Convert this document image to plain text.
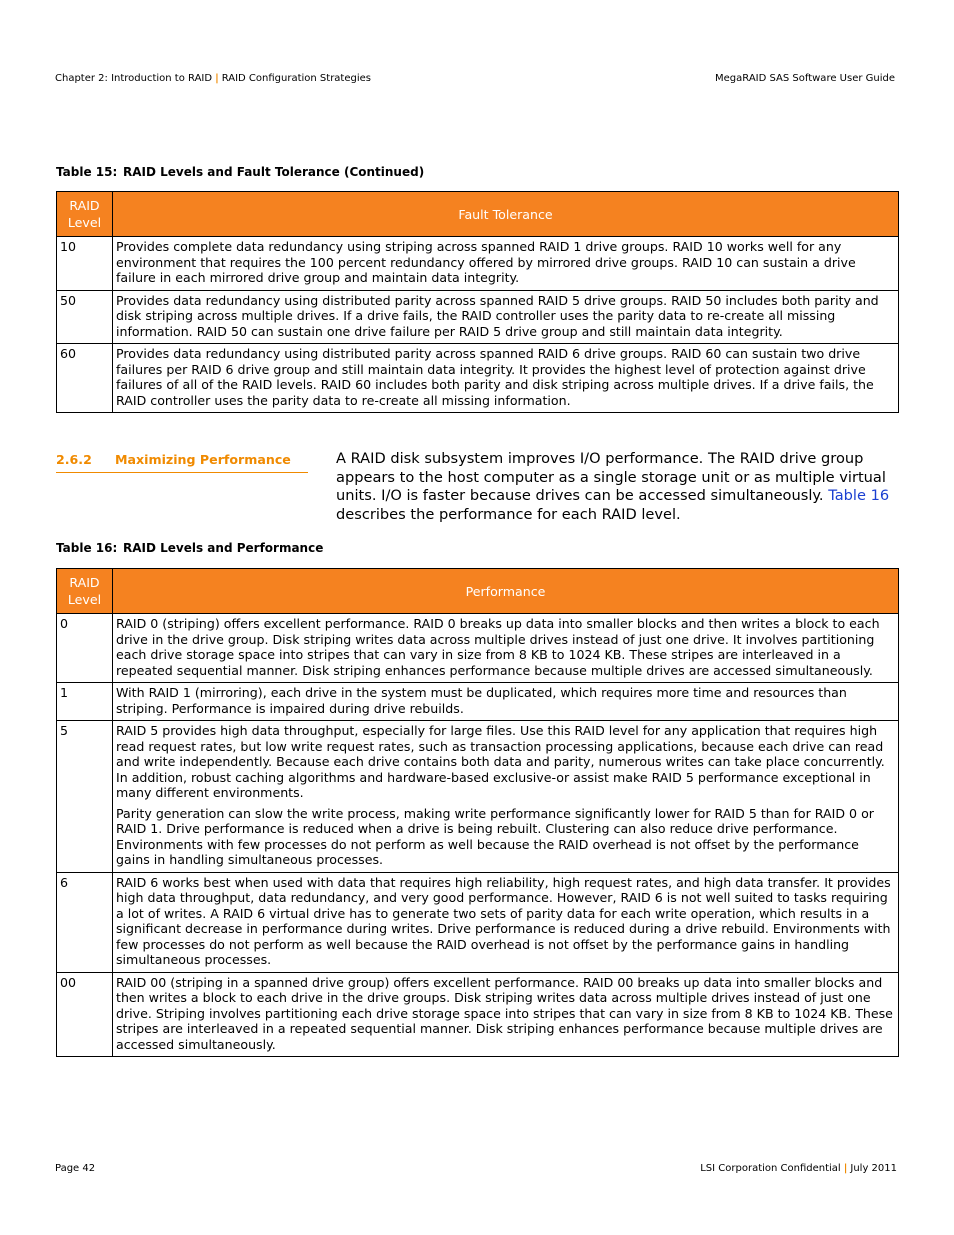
Chapter 2: Introduction to RAID | RAID Configuration Strategies	MegaRAID SAS Software User Guide
Table 15: RAID Levels and Fault Tolerance (Continued)
RAID Level	Fault Tolerance
10	Provides complete data redundancy using striping across spanned RAID 1 drive groups. RAID 10 works well for any environment that requires the 100 percent redundancy offered by mirrored drive groups. RAID 10 can sustain a drive failure in each mirrored drive group and maintain data integrity.
50	Provides data redundancy using distributed parity across spanned RAID 5 drive groups. RAID 50 includes both parity and disk striping across multiple drives. If a drive fails, the RAID controller uses the parity data to re-create all missing information. RAID 50 can sustain one drive failure per RAID 5 drive group and still maintain data integrity.
60	Provides data redundancy using distributed parity across spanned RAID 6 drive groups. RAID 60 can sustain two drive failures per RAID 6 drive group and still maintain data integrity. It provides the highest level of protection against drive failures of all of the RAID levels. RAID 60 includes both parity and disk striping across multiple drives. If a drive fails, the RAID controller uses the parity data to re-create all missing information.
2.6.2 Maximizing Performance	A RAID disk subsystem improves I/O performance. The RAID drive group appears to the host computer as a single storage unit or as multiple virtual units. I/O is faster because drives can be accessed simultaneously. Table 16 describes the performance for each RAID level.
Table 16: RAID Levels and Performance
RAID Level	Performance
0	RAID 0 (striping) offers excellent performance. RAID 0 breaks up data into smaller blocks and then writes a block to each drive in the drive group. Disk striping writes data across multiple drives instead of just one drive. It involves partitioning each drive storage space into stripes that can vary in size from 8 KB to 1024 KB. These stripes are interleaved in a repeated sequential manner. Disk striping enhances performance because multiple drives are accessed simultaneously.

1	With RAID 1 (mirroring), each drive in the system must be duplicated, which requires more time and resources than striping. Performance is impaired during drive rebuilds.

5	RAID 5 provides high data throughput, especially for large files. Use this RAID level for any application that requires high read request rates, but low write request rates, such as transaction processing applications, because each drive can read and write independently. Because each drive contains both data and parity, numerous writes can take place concurrently. In addition, robust caching algorithms and hardware-based exclusive-or assist make RAID 5 performance exceptional in many different environments.

Parity generation can slow the write process, making write performance significantly lower for RAID 5 than for RAID 0 or RAID 1. Drive performance is reduced when a drive is being rebuilt. Clustering can also reduce drive performance. Environments with few processes do not perform as well because the RAID overhead is not offset by the performance gains in handling simultaneous processes.

6	RAID 6 works best when used with data that requires high reliability, high request rates, and high data transfer. It provides high data throughput, data redundancy, and very good performance. However, RAID 6 is not well suited to tasks requiring a lot of writes. A RAID 6 virtual drive has to generate two sets of parity data for each write operation, which results in a significant decrease in performance during writes. Drive performance is reduced during a drive rebuild. Environments with few processes do not perform as well because the RAID overhead is not offset by the performance gains in handling simultaneous processes.

00	RAID 00 (striping in a spanned drive group) offers excellent performance. RAID 00 breaks up data into smaller blocks and then writes a block to each drive in the drive groups. Disk striping writes data across multiple drives instead of just one drive. Striping involves partitioning each drive storage space into stripes that can vary in size from 8 KB to 1024 KB. These stripes are interleaved in a repeated sequential manner. Disk striping enhances performance because multiple drives are accessed simultaneously.

Page 42	LSI Corporation Confidential | July 2011
